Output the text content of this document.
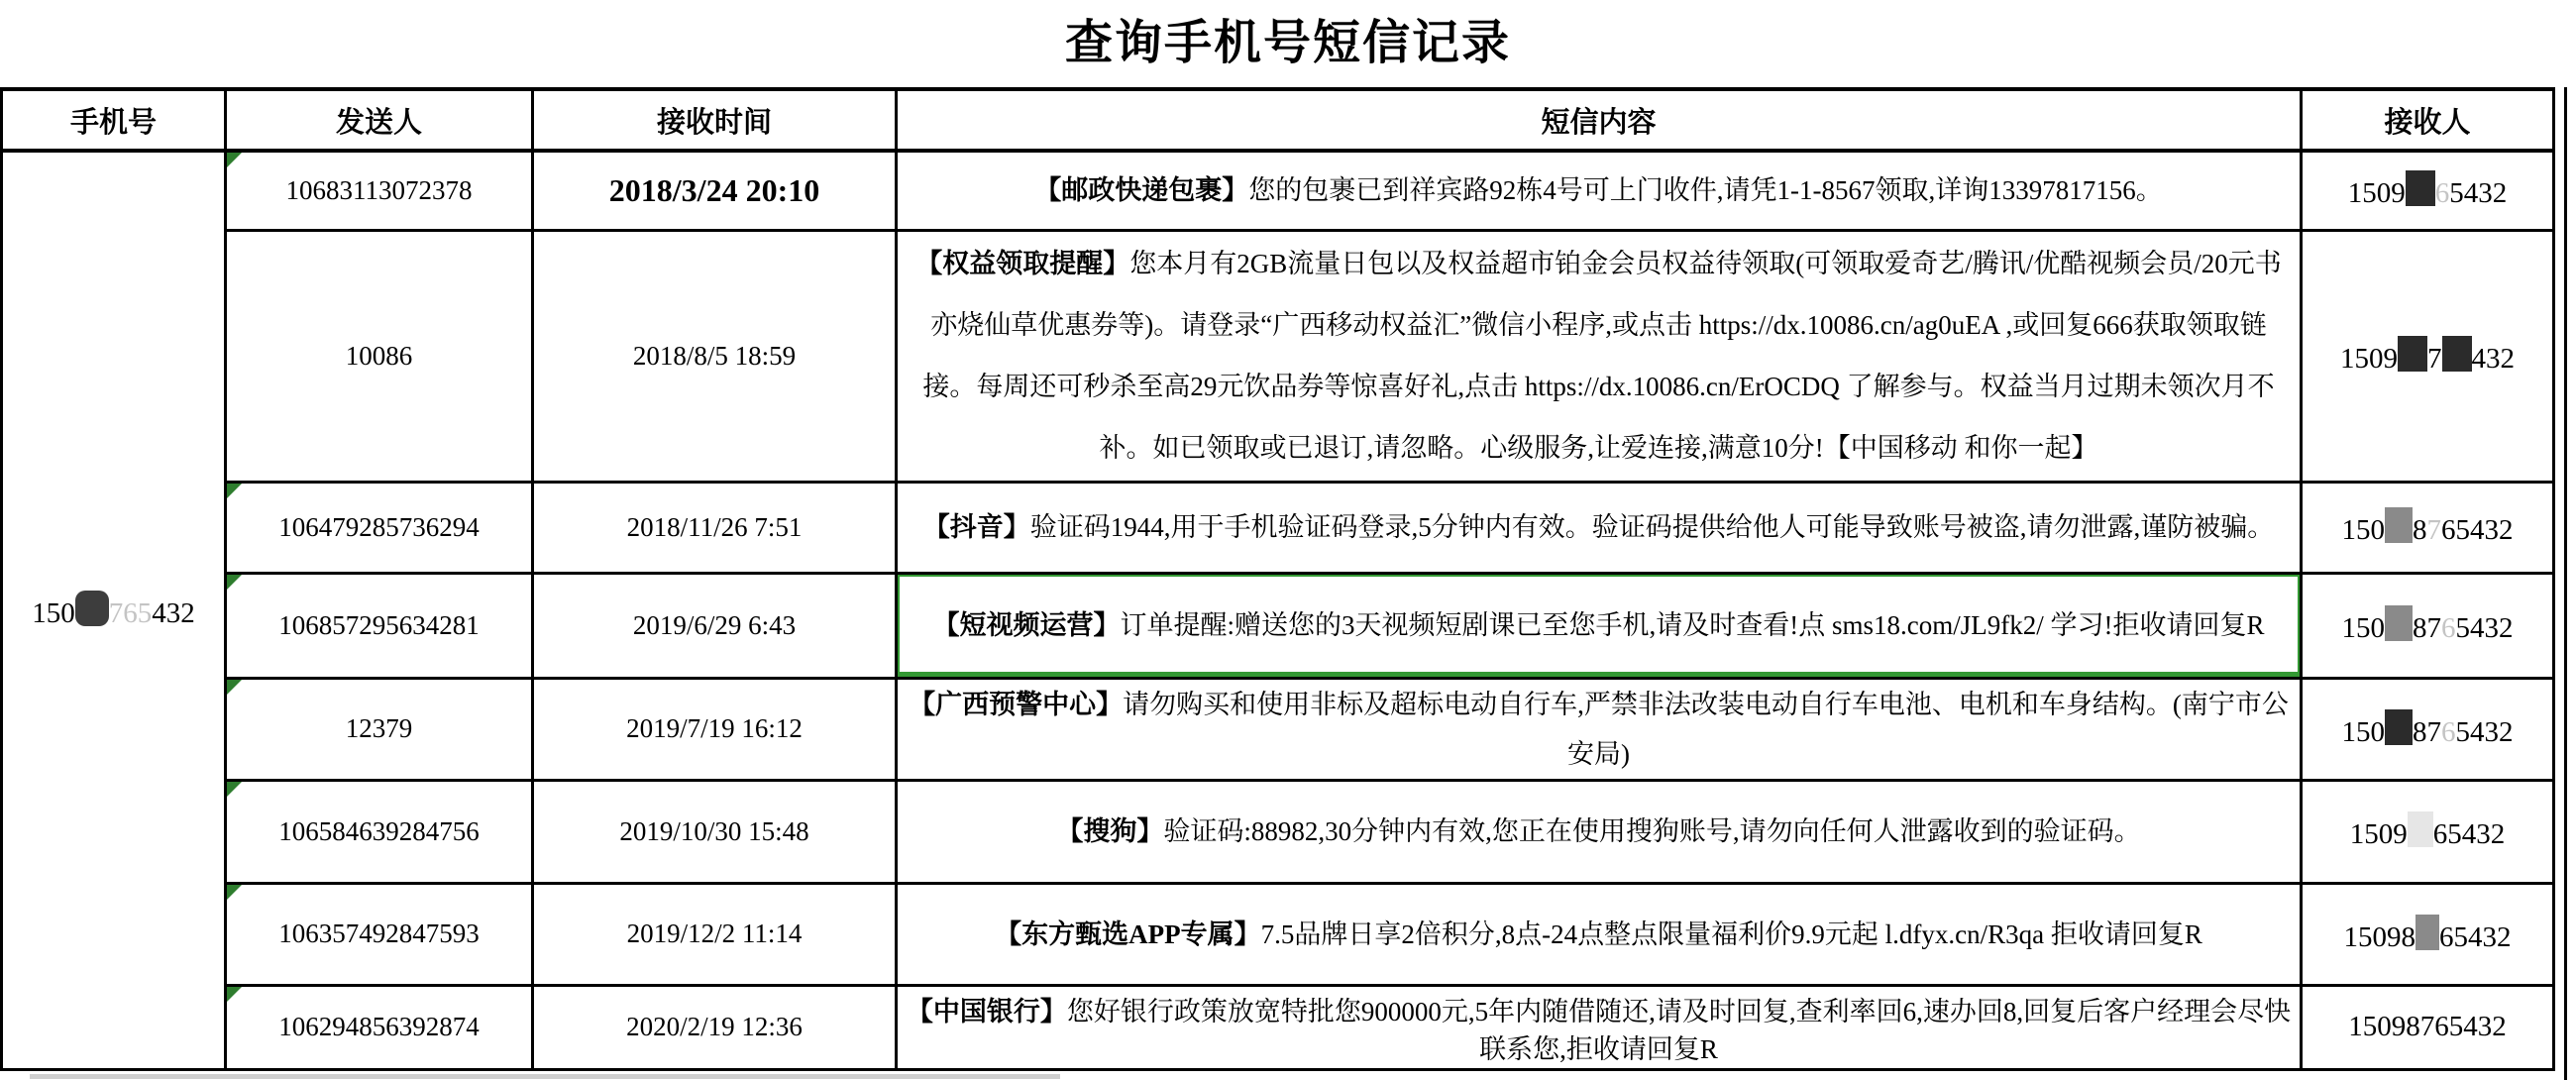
查询手机号短信记录
手机号	发送人	接收时间	短信内容	接收人
150 765432	10683113072378	2018/3/24 20:10	【邮政快递包裹】您的包裹已到祥宾路92栋4号可上门收件,请凭1-1-8567领取,详询13397817156。	1509 65432

	10086	2018/8/5 18:59	【权益领取提醒】您本月有2GB流量日包以及权益超市铂金会员权益待领取(可领取爱奇艺/腾讯/优酷视频会员/20元书亦烧仙草优惠券等)。请登录“广西移动权益汇”微信小程序,或点击 https://dx.10086.cn/ag0uEA ,或回复666获取领取链接。每周还可秒杀至高29元饮品券等惊喜好礼,点击 https://dx.10086.cn/ErOCDQ 了解参与。权益当月过期未领次月不补。如已领取或已退订,请忽略。心级服务,让爱连接,满意10分!【中国移动 和你一起】	1509 7 432

106479285736294	2018/11/26 7:51	【抖音】验证码1944,用于手机验证码登录,5分钟内有效。验证码提供给他人可能导致账号被盗,请勿泄露,谨防被骗。	150 8765432

106857295634281	2019/6/29 6:43	【短视频运营】订单提醒:赠送您的3天视频短剧课已至您手机,请及时查看!点 sms18.com/JL9fk2/ 学习!拒收请回复R	150 8765432

12379	2019/7/19 16:12	【广西预警中心】请勿购买和使用非标及超标电动自行车,严禁非法改装电动自行车电池、电机和车身结构。(南宁市公安局)	150 8765432

106584639284756	2019/10/30 15:48	【搜狗】验证码:88982,30分钟内有效,您正在使用搜狗账号,请勿向任何人泄露收到的验证码。	1509 65432

106357492847593	2019/12/2 11:14	【东方甄选APP专属】7.5品牌日享2倍积分,8点-24点整点限量福利价9.9元起 l.dfyx.cn/R3qa 拒收请回复R	15098 65432

106294856392874	2020/2/19 12:36	【中国银行】您好银行政策放宽特批您900000元,5年内随借随还,请及时回复,查利率回6,速办回8,回复后客户经理会尽快联系您,拒收请回复R	15098765432
